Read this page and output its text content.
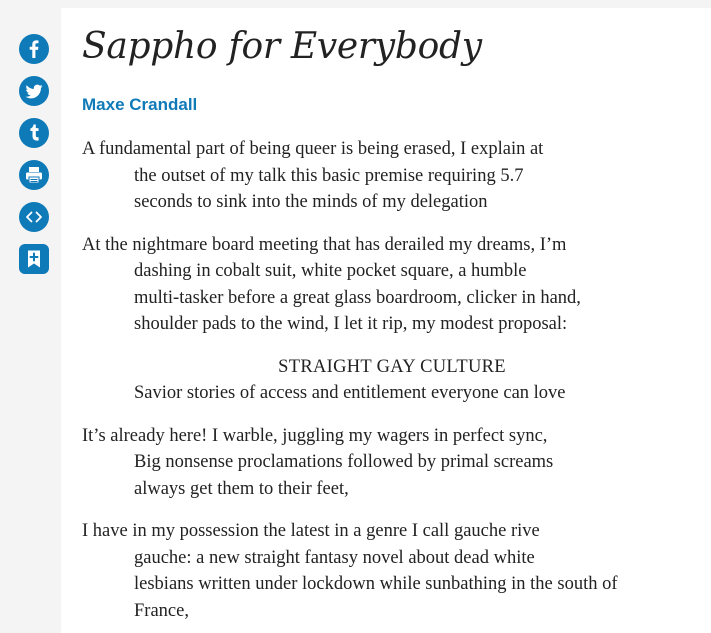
Sappho for Everybody
Maxe Crandall
A fundamental part of being queer is being erased, I explain at
the outset of my talk this basic premise requiring 5.7
seconds to sink into the minds of my delegation
At the nightmare board meeting that has derailed my dreams, I’m
dashing in cobalt suit, white pocket square, a humble
multi-tasker before a great glass boardroom, clicker in hand,
shoulder pads to the wind, I let it rip, my modest proposal:
STRAIGHT GAY CULTURE
Savior stories of access and entitlement everyone can love
It’s already here! I warble, juggling my wagers in perfect sync,
Big nonsense proclamations followed by primal screams
always get them to their feet,
I have in my possession the latest in a genre I call gauche rive
gauche: a new straight fantasy novel about dead white
lesbians written under lockdown while sunbathing in the south of
France,
